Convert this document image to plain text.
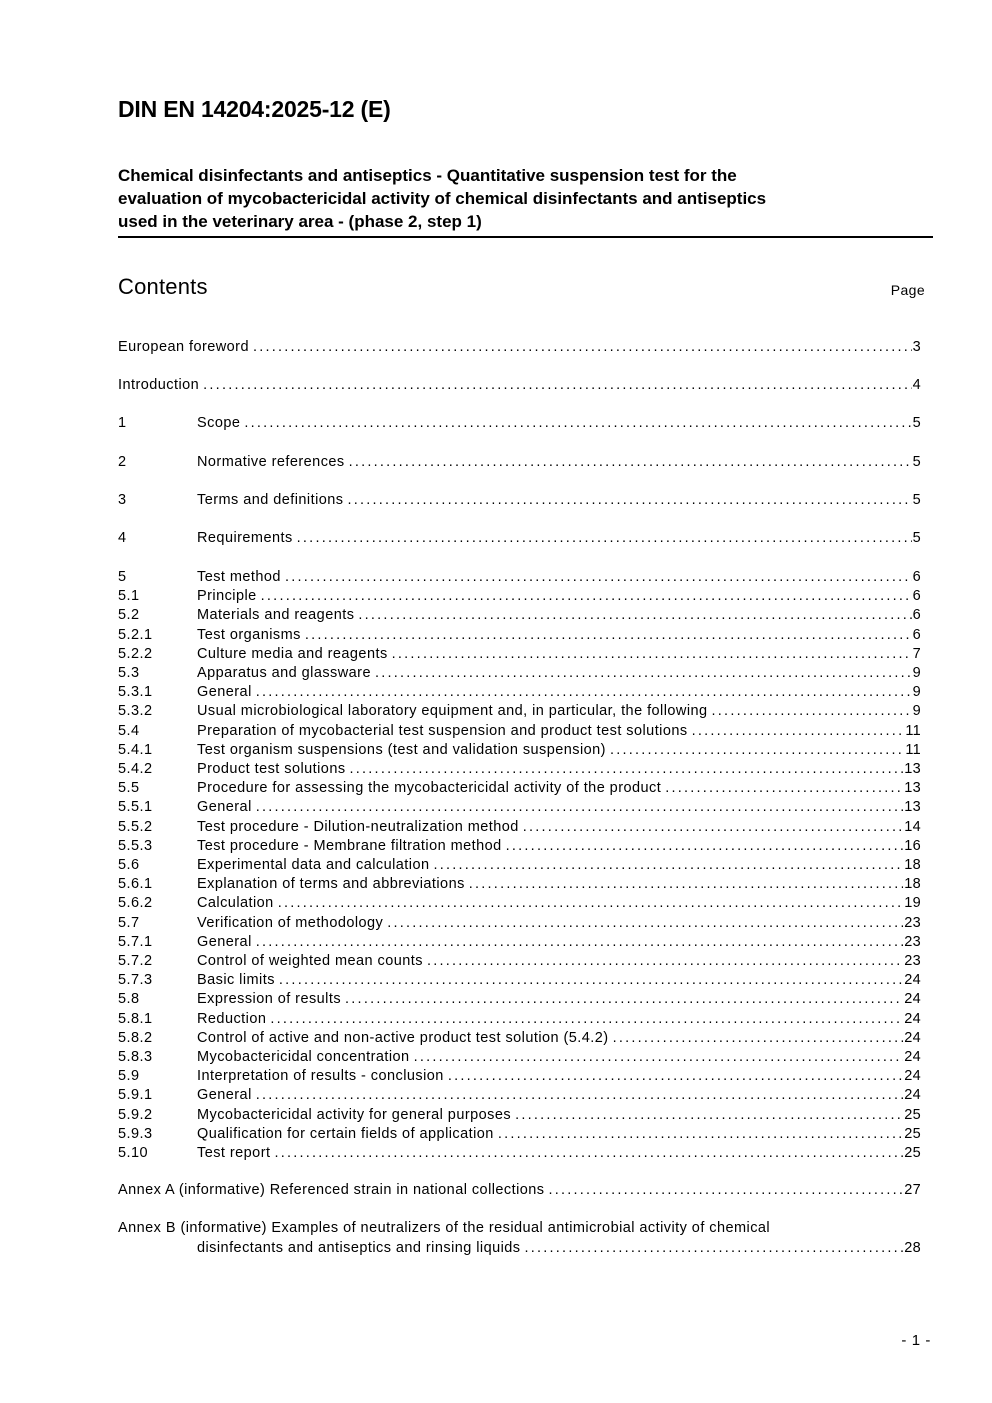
DIN EN 14204:2025-12 (E)
Chemical disinfectants and antiseptics - Quantitative suspension test for the
evaluation of mycobactericidal activity of chemical disinfectants and antiseptics
used in the veterinary area - (phase 2, step 1)
Contents	Page
European foreword . . .	3
Introduction . . .	4
1	Scope . . .	5
2	Normative references . . .	5
3	Terms and definitions . . .	5
4	Requirements . . .	5
5	Test method . . .	6
5.1	Principle . . .	6
5.2	Materials and reagents . . .	6
5.2.1	Test organisms . . .	6
5.2.2	Culture media and reagents . . .	7
5.3	Apparatus and glassware . . .	9
5.3.1	General . . .	9
5.3.2	Usual microbiological laboratory equipment and, in particular, the following . . .	9
5.4	Preparation of mycobacterial test suspension and product test solutions . . .	11
5.4.1	Test organism suspensions (test and validation suspension) . . .	11
5.4.2	Product test solutions . . .	13
5.5	Procedure for assessing the mycobactericidal activity of the product . . .	13
5.5.1	General . . .	13
5.5.2	Test procedure - Dilution-neutralization method . . .	14
5.5.3	Test procedure - Membrane filtration method . . .	16
5.6	Experimental data and calculation . . .	18
5.6.1	Explanation of terms and abbreviations . . .	18
5.6.2	Calculation . . .	19
5.7	Verification of methodology . . .	23
5.7.1	General . . .	23
5.7.2	Control of weighted mean counts . . .	23
5.7.3	Basic limits . . .	24
5.8	Expression of results . . .	24
5.8.1	Reduction . . .	24
5.8.2	Control of active and non-active product test solution (5.4.2) . . .	24
5.8.3	Mycobactericidal concentration . . .	24
5.9	Interpretation of results - conclusion . . .	24
5.9.1	General . . .	24
5.9.2	Mycobactericidal activity for general purposes . . .	25
5.9.3	Qualification for certain fields of application . . .	25
5.10	Test report . . .	25
Annex A (informative) Referenced strain in national collections . . .	27
Annex B (informative) Examples of neutralizers of the residual antimicrobial activity of chemical
disinfectants and antiseptics and rinsing liquids . . .	28
- 1 -
